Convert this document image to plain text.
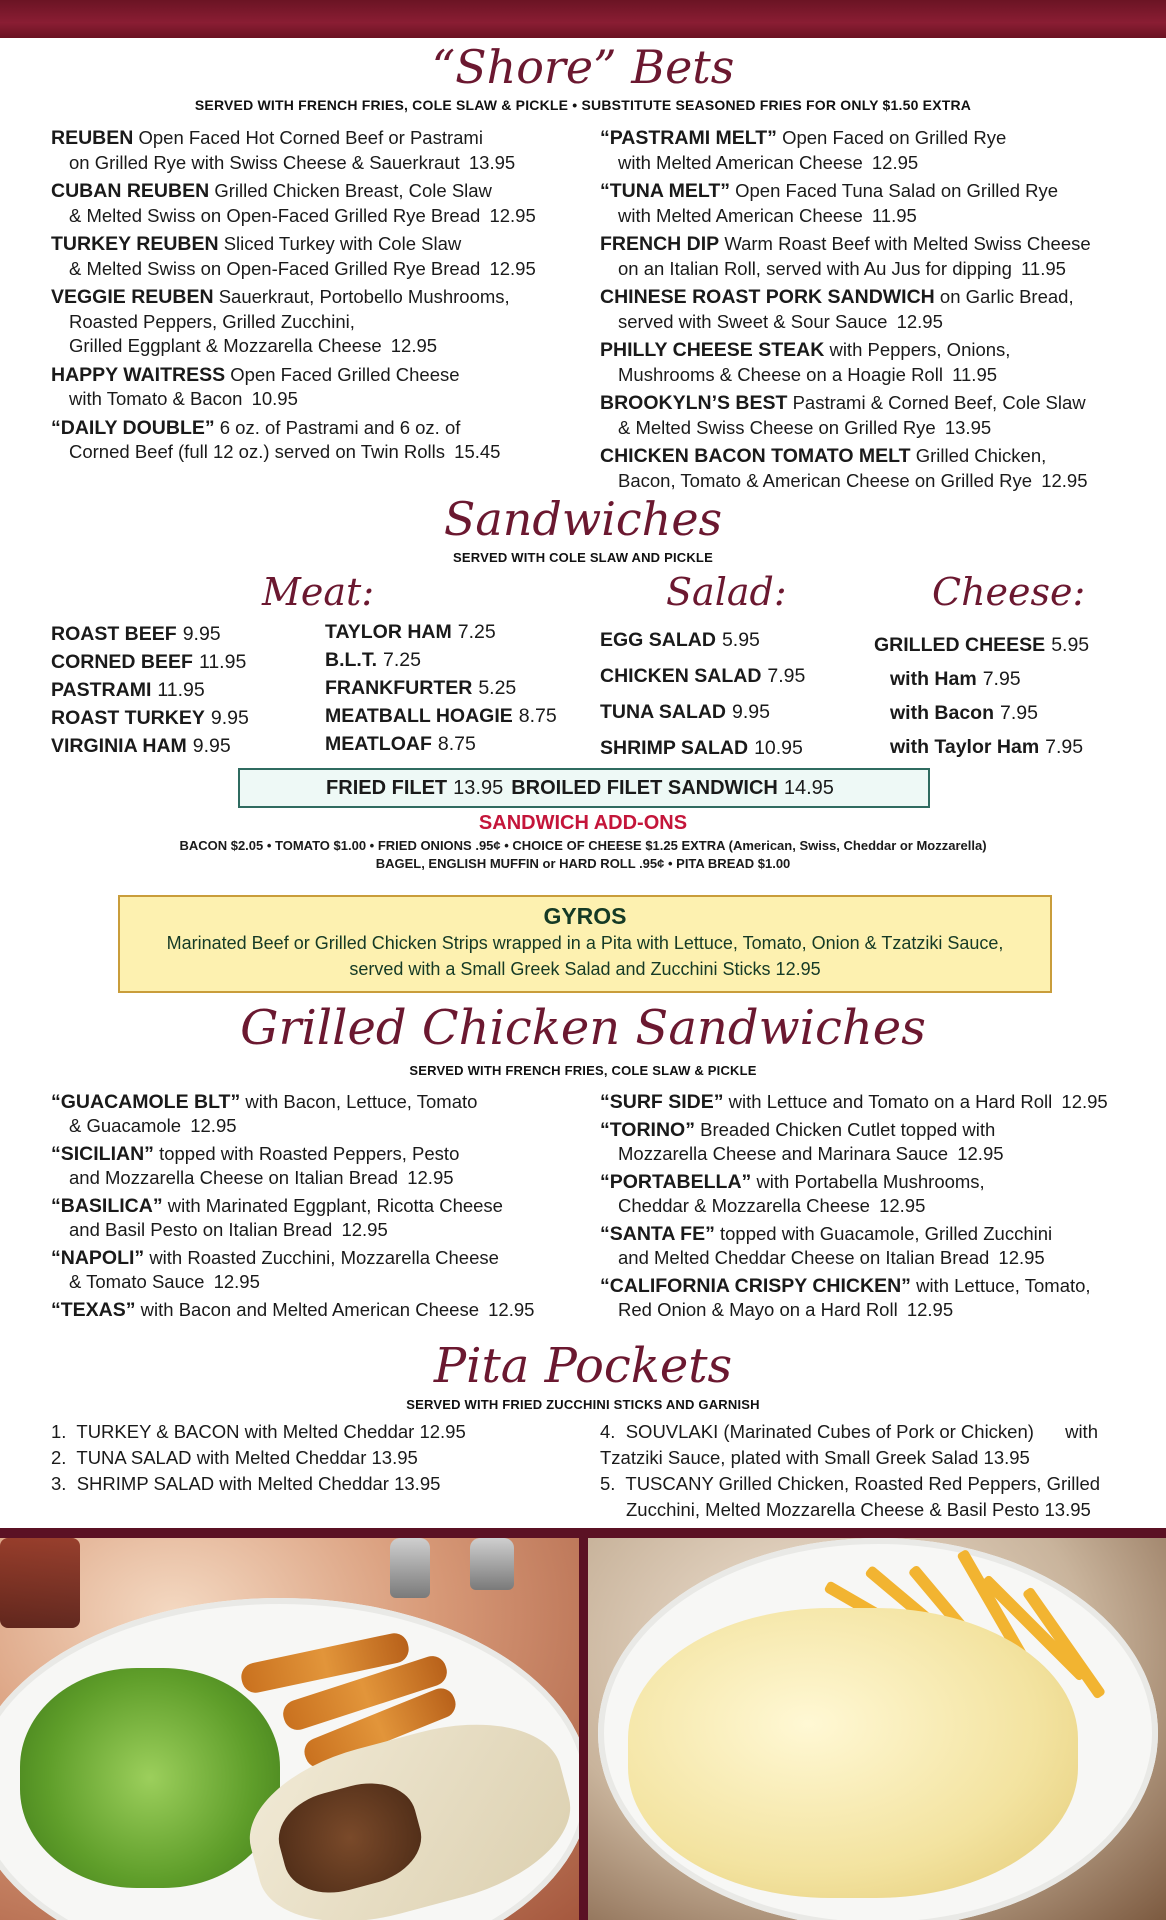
“Shore” Bets
SERVED WITH FRENCH FRIES, COLE SLAW & PICKLE • SUBSTITUTE SEASONED FRIES FOR ONLY $1.50 EXTRA
REUBEN Open Faced Hot Corned Beef or Pastrami
on Grilled Rye with Swiss Cheese & Sauerkraut 13.95
CUBAN REUBEN Grilled Chicken Breast, Cole Slaw
& Melted Swiss on Open-Faced Grilled Rye Bread 12.95
TURKEY REUBEN Sliced Turkey with Cole Slaw
& Melted Swiss on Open-Faced Grilled Rye Bread 12.95
VEGGIE REUBEN Sauerkraut, Portobello Mushrooms,
Roasted Peppers, Grilled Zucchini,
Grilled Eggplant & Mozzarella Cheese 12.95
HAPPY WAITRESS Open Faced Grilled Cheese
with Tomato & Bacon 10.95
“DAILY DOUBLE” 6 oz. of Pastrami and 6 oz. of
Corned Beef (full 12 oz.) served on Twin Rolls 15.45
“PASTRAMI MELT” Open Faced on Grilled Rye
with Melted American Cheese 12.95
“TUNA MELT” Open Faced Tuna Salad on Grilled Rye
with Melted American Cheese 11.95
FRENCH DIP Warm Roast Beef with Melted Swiss Cheese
on an Italian Roll, served with Au Jus for dipping 11.95
CHINESE ROAST PORK SANDWICH on Garlic Bread,
served with Sweet & Sour Sauce 12.95
PHILLY CHEESE STEAK with Peppers, Onions,
Mushrooms & Cheese on a Hoagie Roll 11.95
BROOKYLN’S BEST Pastrami & Corned Beef, Cole Slaw
& Melted Swiss Cheese on Grilled Rye 13.95
CHICKEN BACON TOMATO MELT Grilled Chicken,
Bacon, Tomato & American Cheese on Grilled Rye 12.95
Sandwiches
SERVED WITH COLE SLAW AND PICKLE
Meat:	Salad:	Cheese:
ROAST BEEF 9.95
CORNED BEEF 11.95
PASTRAMI 11.95
ROAST TURKEY 9.95
VIRGINIA HAM 9.95
TAYLOR HAM 7.25
B.L.T. 7.25
FRANKFURTER 5.25
MEATBALL HOAGIE 8.75
MEATLOAF 8.75
EGG SALAD 5.95
CHICKEN SALAD 7.95
TUNA SALAD 9.95
SHRIMP SALAD 10.95
GRILLED CHEESE 5.95
with Ham 7.95
with Bacon 7.95
with Taylor Ham 7.95
FRIED FILET 13.95 BROILED FILET SANDWICH 14.95
SANDWICH ADD-ONS
BACON $2.05 • TOMATO $1.00 • FRIED ONIONS .95¢ • CHOICE OF CHEESE $1.25 EXTRA (American, Swiss, Cheddar or Mozzarella)
BAGEL, ENGLISH MUFFIN or HARD ROLL .95¢ • PITA BREAD $1.00
GYROS
Marinated Beef or Grilled Chicken Strips wrapped in a Pita with Lettuce, Tomato, Onion & Tzatziki Sauce,
served with a Small Greek Salad and Zucchini Sticks 12.95
Grilled Chicken Sandwiches
SERVED WITH FRENCH FRIES, COLE SLAW & PICKLE
“GUACAMOLE BLT” with Bacon, Lettuce, Tomato
& Guacamole 12.95
“SICILIAN” topped with Roasted Peppers, Pesto
and Mozzarella Cheese on Italian Bread 12.95
“BASILICA” with Marinated Eggplant, Ricotta Cheese
and Basil Pesto on Italian Bread 12.95
“NAPOLI” with Roasted Zucchini, Mozzarella Cheese
& Tomato Sauce 12.95
“TEXAS” with Bacon and Melted American Cheese 12.95
“SURF SIDE” with Lettuce and Tomato on a Hard Roll 12.95
“TORINO” Breaded Chicken Cutlet topped with
Mozzarella Cheese and Marinara Sauce 12.95
“PORTABELLA” with Portabella Mushrooms,
Cheddar & Mozzarella Cheese 12.95
“SANTA FE” topped with Guacamole, Grilled Zucchini
and Melted Cheddar Cheese on Italian Bread 12.95
“CALIFORNIA CRISPY CHICKEN” with Lettuce, Tomato,
Red Onion & Mayo on a Hard Roll 12.95
Pita Pockets
SERVED WITH FRIED ZUCCHINI STICKS AND GARNISH
1. TURKEY & BACON with Melted Cheddar 12.95
2. TUNA SALAD with Melted Cheddar 13.95
3. SHRIMP SALAD with Melted Cheddar 13.95
4. SOUVLAKI (Marinated Cubes of Pork or Chicken) with Tzatziki Sauce, plated with Small Greek Salad 13.95
5. TUSCANY Grilled Chicken, Roasted Red Peppers, Grilled Zucchini, Melted Mozzarella Cheese & Basil Pesto 13.95
